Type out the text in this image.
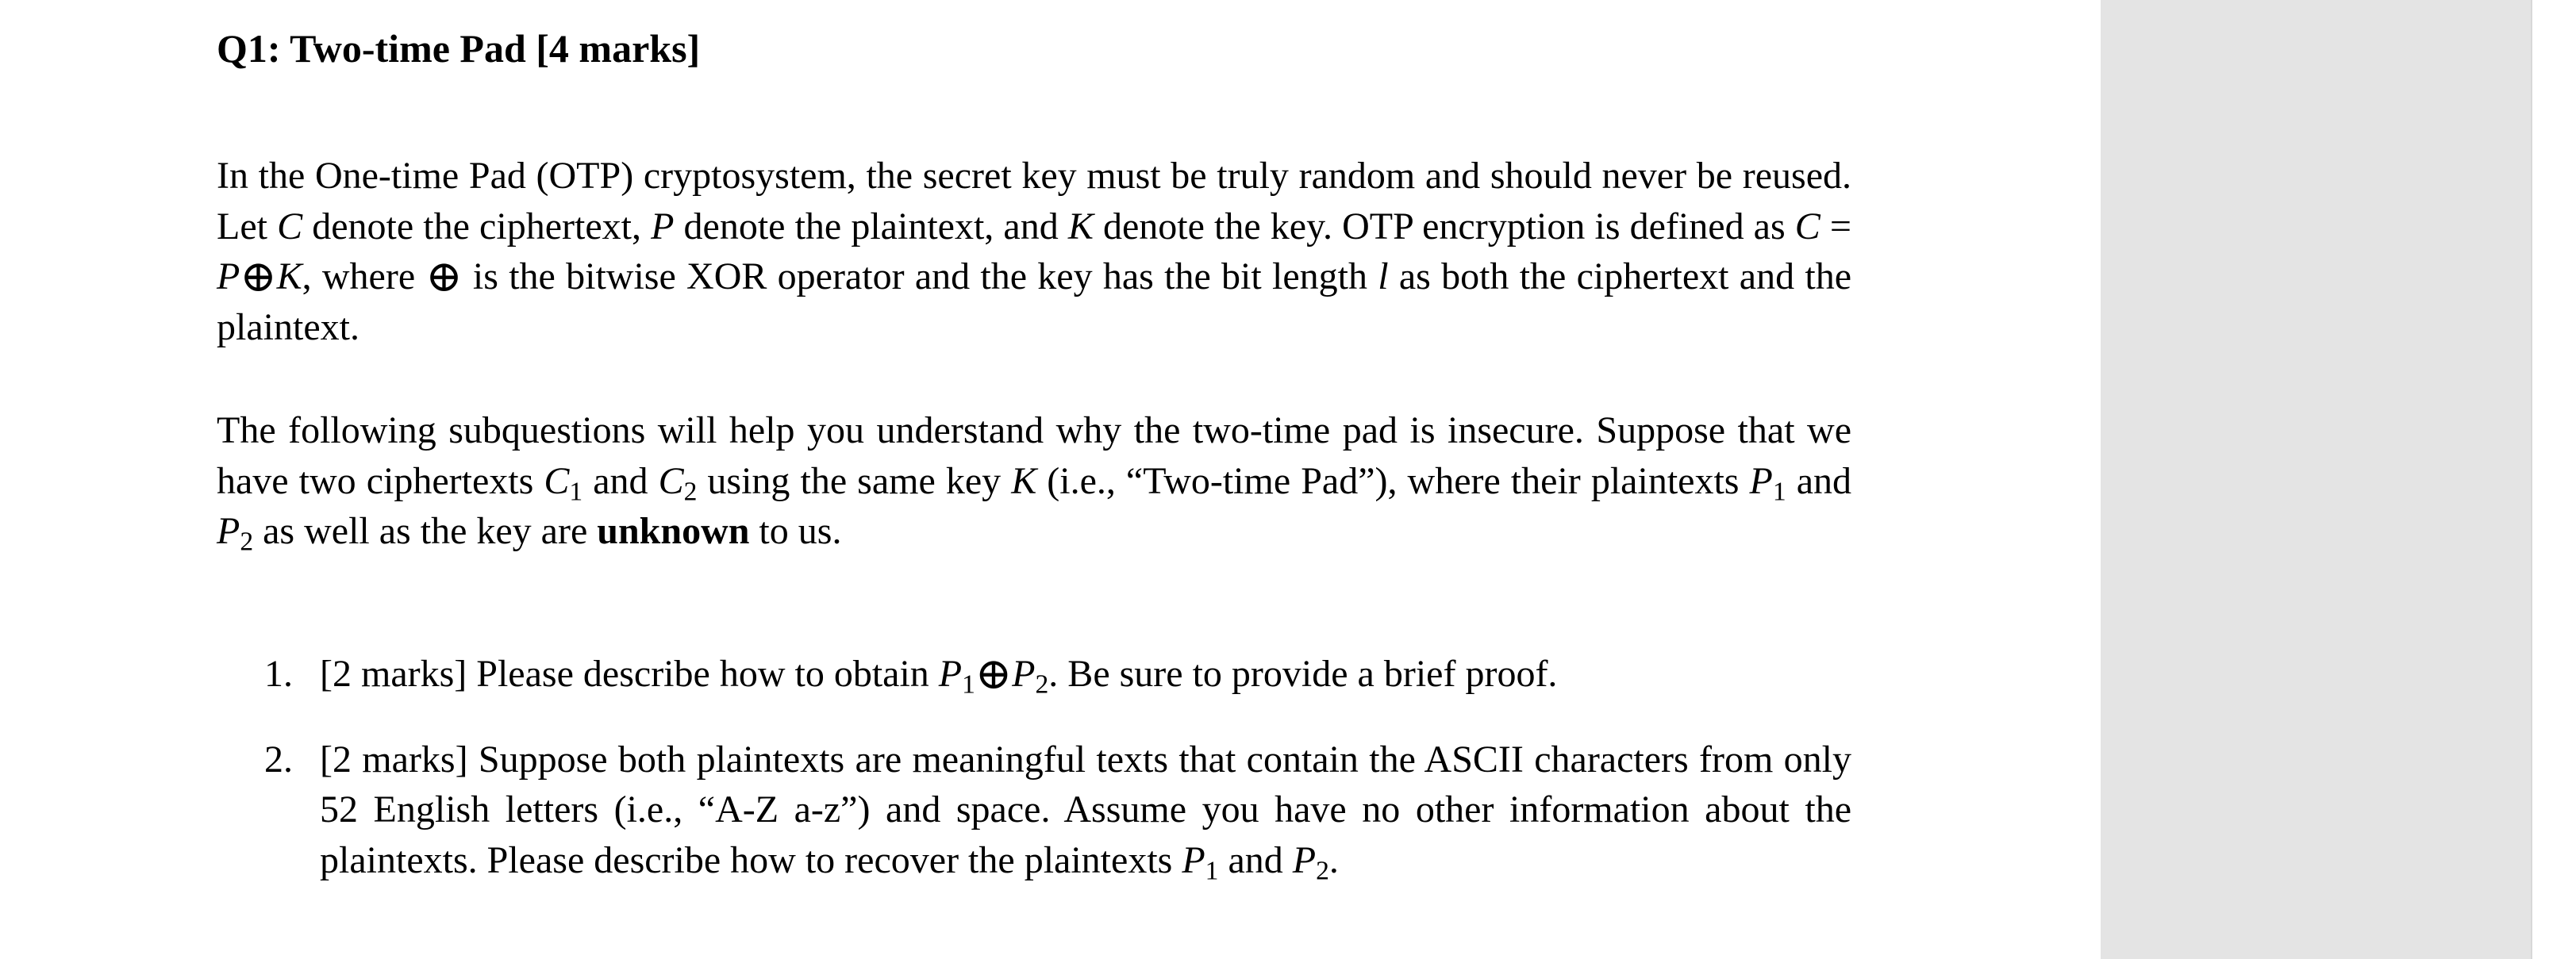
Q1: Two-time Pad [4 marks]

In the One-time Pad (OTP) cryptosystem, the secret key must be truly random and should never be reused. Let C denote the ciphertext, P denote the plaintext, and K denote the key. OTP encryption is defined as C = P⊕K, where ⊕ is the bitwise XOR operator and the key has the bit length l as both the ciphertext and the plaintext.

The following subquestions will help you understand why the two-time pad is insecure. Suppose that we have two ciphertexts $C_1$ and $C_2$ using the same key K (i.e., “Two-time Pad”), where their plaintexts $P_1$ and $P_2$ as well as the key are unknown to us.

1. [2 marks] Please describe how to obtain $P_1\oplus P_2$. Be sure to provide a brief proof.
2. [2 marks] Suppose both plaintexts are meaningful texts that contain the ASCII characters from only 52 English letters (i.e., “A-Z a-z”) and space. Assume you have no other information about the plaintexts. Please describe how to recover the plaintexts $P_1$ and $P_2$.
